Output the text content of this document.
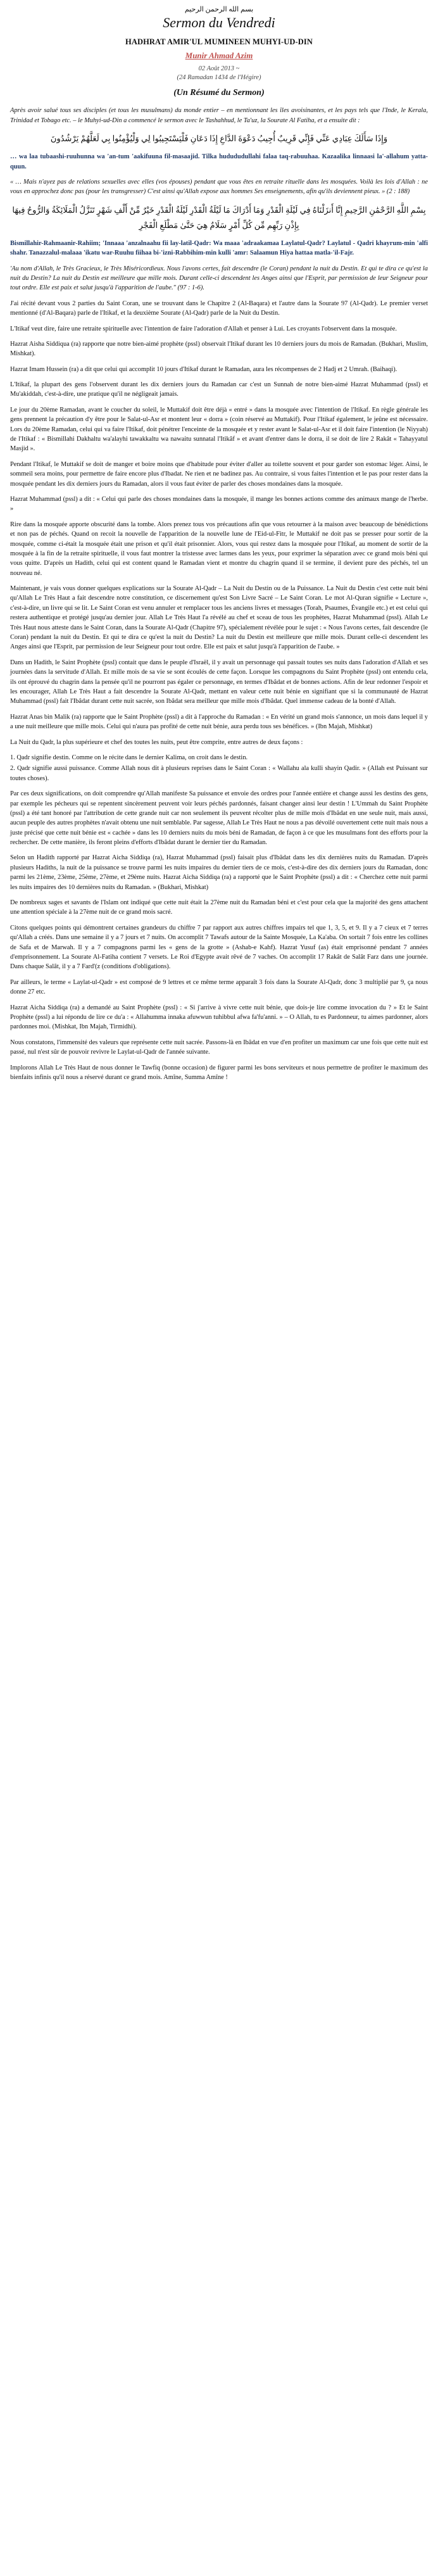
بسم الله الرحمن الرحيم
Sermon du Vendredi
HADHRAT AMIR'UL MUMINEEN MUHYI-UD-DIN
Munir Ahmad Azim
02 Août 2013 ~
(24 Ramadan 1434 de l'Hégire)
(Un Résumé du Sermon)

Après avoir salué tous ses disciples (et tous les musulmans) du monde entier – en mentionnant les îles avoisinantes, et les pays tels que l'Inde, le Kerala, Trinidad et Tobago etc. – le Muhyi-ud-Din a commencé le sermon avec le Tashahhud, le Ta'uz, la Sourate Al Fatiha, et a ensuite dit :

وَإِذَا سَأَلَكَ عِبَادِي عَنِّي فَإِنِّي قَرِيبٌ أُجِيبُ دَعْوَةَ الدَّاعِ إِذَا دَعَانِ فَلْيَسْتَجِيبُوا لِي وَلْيُؤْمِنُوا بِي لَعَلَّهُمْ يَرْشُدُونَ

… wa laa tubaashi-ruuhunna wa 'an-tum 'aakifuuna fil-masaajid. Tilka hudududullahi falaa taq-rabuuhaa. Kazaalika linnaasi la'-allahum yatta-quun.

« … Mais n'ayez pas de relations sexuelles avec elles (vos épouses) pendant que vous êtes en retraite rituelle dans les mosquées. Voilà les lois d'Allah : ne vous en approchez donc pas (pour les transgresser) C'est ainsi qu'Allah expose aux hommes Ses enseignements, afin qu'ils deviennent pieux. » (2 : 188)

بِسْمِ اللَّهِ الرَّحْمَٰنِ الرَّحِيمِ إِنَّا أَنزَلْنَاهُ فِي لَيْلَةِ الْقَدْرِ وَمَا أَدْرَاكَ مَا لَيْلَةُ الْقَدْرِ لَيْلَةُ الْقَدْرِ خَيْرٌ مِّنْ أَلْفِ شَهْرٍ تَنَزَّلُ الْمَلَائِكَةُ وَالرُّوحُ فِيهَا بِإِذْنِ رَبِّهِم مِّن كُلِّ أَمْرٍ سَلَامٌ هِيَ حَتَّىٰ مَطْلَعِ الْفَجْرِ

Bismillahir-Rahmaanir-Rahiim; 'Innaaa 'anzalnaahu fii lay-latil-Qadr: Wa maaa 'adraakamaa Laylatul-Qadr? Laylatul - Qadri khayrum-min 'alfi shahr. Tanazzalul-malaaa 'ikatu war-Ruuhu fiihaa bi-'izni-Rabbihim-min kulli 'amr: Salaamun Hiya hattaa matla-'il-Fajr.

'Au nom d'Allah, le Très Gracieux, le Très Miséricordieux. Nous l'avons certes, fait descendre (le Coran) pendant la nuit du Destin. Et qui te dira ce qu'est la nuit du Destin? La nuit du Destin est meilleure que mille mois. Durant celle-ci descendent les Anges ainsi que l'Esprit, par permission de leur Seigneur pour tout ordre. Elle est paix et salut jusqu'à l'apparition de l'aube." (97 : 1-6).

J'ai récité devant vous 2 parties du Saint Coran, une se trouvant dans le Chapitre 2 (Al-Baqara) et l'autre dans la Sourate 97 (Al-Qadr). Le premier verset mentionné (d'Al-Baqara) parle de l'Itikaf, et la deuxième Sourate (Al-Qadr) parle de la Nuit du Destin.

L'Itikaf veut dire, faire une retraite spirituelle avec l'intention de faire l'adoration d'Allah et penser à Lui. Les croyants l'observent dans la mosquée.

Hazrat Aisha Siddiqua (ra) rapporte que notre bien-aimé prophète (pssl) observait l'Itikaf durant les 10 derniers jours du mois de Ramadan. (Bukhari, Muslim, Mishkat).

Hazrat Imam Hussein (ra) a dit que celui qui accomplit 10 jours d'Itikaf durant le Ramadan, aura les récompenses de 2 Hadj et 2 Umrah. (Baihaqi).

L'Itikaf, la plupart des gens l'observent durant les dix derniers jours du Ramadan car c'est un Sunnah de notre bien-aimé Hazrat Muhammad (pssl) et Mu'akiddah, c'est-à-dire, une pratique qu'il ne négligeait jamais.

Le jour du 20ème Ramadan, avant le coucher du soleil, le Muttakif doit être déjà « entré » dans la mosquée avec l'intention de l'Itikaf. En règle générale les gens prennent la précaution d'y être pour le Salat-ul-Asr et montent leur « dorra » (coin réservé au Muttakif). Pour l'Itikaf également, le jeûne est nécessaire. Lors du 20ème Ramadan, celui qui va faire l'Itikaf, doit pénétrer l'enceinte de la mosquée et y rester avant le Salat-ul-Asr et il doit faire l'intention (le Niyyah) de l'Itikaf : « Bismillahi Dakhaltu wa'alayhi tawakkaltu wa nawaitu sunnatal l'Itikâf » et avant d'entrer dans le dorra, il se doit de lire 2 Rakât « Tahayyatul Masjid ».

Pendant l'Itikaf, le Muttakif se doit de manger et boire moins que d'habitude pour éviter d'aller au toilette souvent et pour garder son estomac léger. Ainsi, le sommeil sera moins, pour permettre de faire encore plus d'Ibadat. Ne rien et ne badinez pas. Au contraire, si vous faites l'intention et le pas pour rester dans la mosquée pendant les dix derniers jours du Ramadan, alors il vous faut éviter de parler des choses mondaines dans la mosquée.

Hazrat Muhammad (pssl) a dit : « Celui qui parle des choses mondaines dans la mosquée, il mange les bonnes actions comme des animaux mange de l'herbe. »

Rire dans la mosquée apporte obscurité dans la tombe. Alors prenez tous vos précautions afin que vous retourner à la maison avec beaucoup de bénédictions et non pas de péchés. Quand on recoit la nouvelle de l'apparition de la nouvelle lune de l'Eid-ul-Fitr, le Muttakif ne doit pas se presser pour sortir de la mosquée, comme ci-était la mosquée était une prison et qu'il était prisonnier. Alors, vous qui restez dans la mosquée pour l'Itikaf, au moment de sortir de la mosquée à la fin de la retraite spirituelle, il vous faut montrer la tristesse avec larmes dans les yeux, pour exprimer la séparation avec ce grand mois béni qui vous quitte. D'après un Hadith, celui qui est content quand le Ramadan vient et montre du chagrin quand il se termine, il devient pure des péchés, tel un nouveau né.

Maintenant, je vais vous donner quelques explications sur la Sourate Al-Qadr – La Nuit du Destin ou de la Puissance. La Nuit du Destin c'est cette nuit béni qu'Allah Le Très Haut a fait descendre notre constitution, ce discernement qu'est Son Livre Sacré – Le Saint Coran. Le mot Al-Quran signifie « Lecture », c'est-à-dire, un livre qui se lit. Le Saint Coran est venu annuler et remplacer tous les anciens livres et messages (Torah, Psaumes, Évangile etc.) et est celui qui restera authentique et protégé jusqu'au dernier jour. Allah Le Très Haut l'a révélé au chef et sceau de tous les prophètes, Hazrat Muhammad (pssl). Allah Le Très Haut nous atteste dans le Saint Coran, dans la Sourate Al-Qadr (Chapitre 97), spécialement révélée pour le sujet : « Nous l'avons certes, fait descendre (le Coran) pendant la nuit du Destin. Et qui te dira ce qu'est la nuit du Destin? La nuit du Destin est meilleure que mille mois. Durant celle-ci descendent les Anges ainsi que l'Esprit, par permission de leur Seigneur pour tout ordre. Elle est paix et salut jusqu'à l'apparition de l'aube. »

Dans un Hadith, le Saint Prophète (pssl) contait que dans le peuple d'Israël, il y avait un personnage qui passait toutes ses nuits dans l'adoration d'Allah et ses journées dans la servitude d'Allah. Et mille mois de sa vie se sont écoulés de cette façon. Lorsque les compagnons du Saint Prophète (pssl) ont entendu cela, ils ont éprouvé du chagrin dans la pensée qu'il ne pourront pas égaler ce personnage, en termes d'Ibâdat et de bonnes actions. Afin de leur redonner l'espoir et les encourager, Allah Le Très Haut a fait descendre la Sourate Al-Qadr, mettant en valeur cette nuit bénie en signifiant que si la communauté de Hazrat Muhammad (pssl) fait l'Ibâdat durant cette nuit sacrée, son Ibâdat sera meilleur que mille mois d'Ibâdat. Quel immense cadeau de la bonté d'Allah.

Hazrat Anas bin Malik (ra) rapporte que le Saint Prophète (pssl) a dit à l'approche du Ramadan : « En vérité un grand mois s'annonce, un mois dans lequel il y a une nuit meilleure que mille mois. Celui qui n'aura pas profité de cette nuit bénie, aura perdu tous ses bénéfices. » (Ibn Majah, Mishkat)

La Nuit du Qadr, la plus supérieure et chef des toutes les nuits, peut être comprite, entre autres de deux façons :

1. Qadr signifie destin. Comme on le récite dans le dernier Kalima, on croit dans le destin.

2. Qadr signifie aussi puissance. Comme Allah nous dit à plusieurs reprises dans le Saint Coran : « Wallahu ala kulli shayin Qadir. » (Allah est Puissant sur toutes choses).

Par ces deux significations, on doit comprendre qu'Allah manifeste Sa puissance et envoie des ordres pour l'année entière et change aussi les destins des gens, par exemple les pécheurs qui se repentent sincèrement peuvent voir leurs péchés pardonnés, faisant changer ainsi leur destin ! L'Ummah du Saint Prophète (pssl) a été tant honoré par l'attribution de cette grande nuit car non seulement ils peuvent récolter plus de mille mois d'Ibâdat en une seule nuit, mais aussi, aucun peuple des autres prophètes n'avait obtenu une nuit semblable. Par sagesse, Allah Le Très Haut ne nous a pas dévoilé ouvertement cette nuit mais nous a juste précisé que cette nuit bénie est « cachée » dans les 10 derniers nuits du mois béni de Ramadan, de façon à ce que les musulmans font des efforts pour la rechercher. De cette manière, ils feront pleins d'efforts d'Ibâdat durant le dernier tier du Ramadan.

Selon un Hadith rapporté par Hazrat Aicha Siddiqa (ra), Hazrat Muhammad (pssl) faisait plus d'Ibâdat dans les dix dernières nuits du Ramadan. D'après plusieurs Hadiths, la nuit de la puissance se trouve parmi les nuits impaires du dernier tiers de ce mois, c'est-à-dire des dix derniers jours du Ramadan, donc parmi les 21ème, 23ème, 25ème, 27ème, et 29ème nuits. Hazrat Aicha Siddiqa (ra) a rapporté que le Saint Prophète (pssl) a dit : « Cherchez cette nuit parmi les nuits impaires des 10 dernières nuits du Ramadan. » (Bukhari, Mishkat)

De nombreux sages et savants de l'Islam ont indiqué que cette nuit était la 27ème nuit du Ramadan béni et c'est pour cela que la majorité des gens attachent une attention spéciale à la 27ème nuit de ce grand mois sacré.

Citons quelques points qui démontrent certaines grandeurs du chiffre 7 par rapport aux autres chiffres impairs tel que 1, 3, 5, et 9. Il y a 7 cieux et 7 terres qu'Allah a créés. Dans une semaine il y a 7 jours et 7 nuits. On accomplit 7 Tawafs autour de la Sainte Mosquée, La Ka'aba. On sortait 7 fois entre les collines de Safa et de Marwah. Il y a 7 compagnons parmi les « gens de la grotte » (Ashab-e Kahf). Hazrat Yusuf (as) était emprisonné pendant 7 années d'emprisonnement. La Sourate Al-Fatiha contient 7 versets. Le Roi d'Egypte avait rêvé de 7 vaches. On accomplit 17 Rakât de Salât Farz dans une journée. Dans chaque Salât, il y a 7 Fard'(z (conditions d'obligations).

Par ailleurs, le terme « Laylat-ul-Qadr » est composé de 9 lettres et ce même terme apparaît 3 fois dans la Sourate Al-Qadr, donc 3 multiplié par 9, ça nous donne 27 etc.

Hazrat Aicha Siddiqa (ra) a demandé au Saint Prophète (pssl) : « Si j'arrive à vivre cette nuit bénie, que dois-je lire comme invocation du ? » Et le Saint Prophète (pssl) a lui répondu de lire ce du'a : « Allahumma innaka afuwwun tuhibbul afwa fa'fu'anni. » – O Allah, tu es Pardonneur, tu aimes pardonner, alors pardonnes moi. (Mishkat, Ibn Majah, Tirmidhi).

Nous constatons, l'immensité des valeurs que représente cette nuit sacrée. Passons-là en Ibâdat en vue d'en profiter un maximum car une fois que cette nuit est passé, nul n'est sûr de pouvoir revivre le Laylat-ul-Qadr de l'année suivante.

Implorons Allah Le Très Haut de nous donner le Tawfiq (bonne occasion) de figurer parmi les bons serviteurs et nous permettre de profiter le maximum des bienfaits infinis qu'il nous a réservé durant ce grand mois. Amîne, Summa Amîne !
